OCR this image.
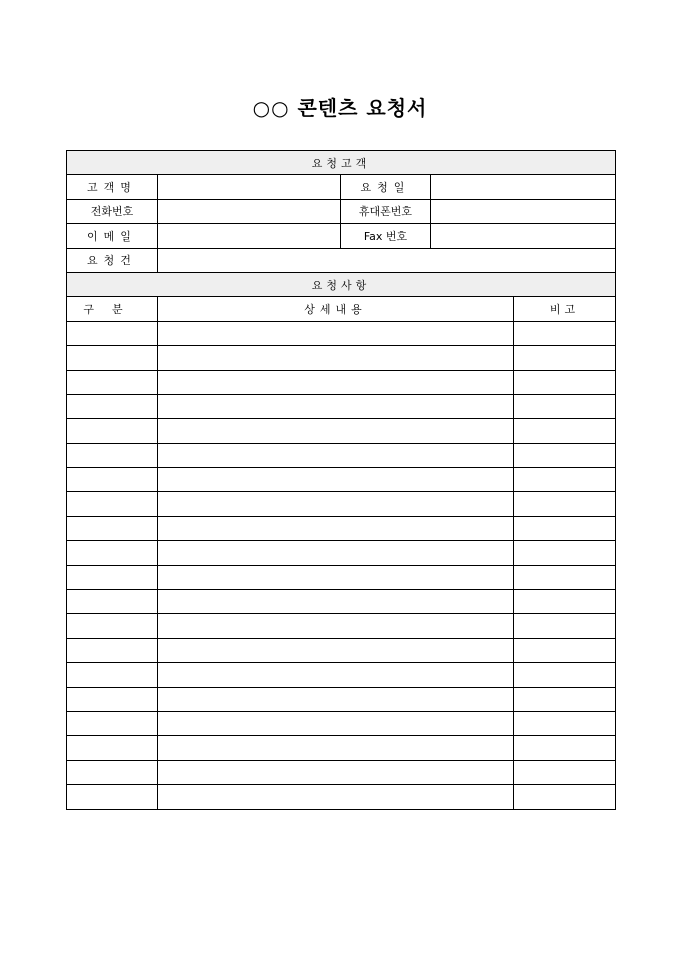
○○ 콘텐츠 요청서
요청고객				
고객명		요청일		
전화번호		휴대폰번호		
이메일		Fax 번호		
요청건				
요청사항				
구분	상세내용			비고
